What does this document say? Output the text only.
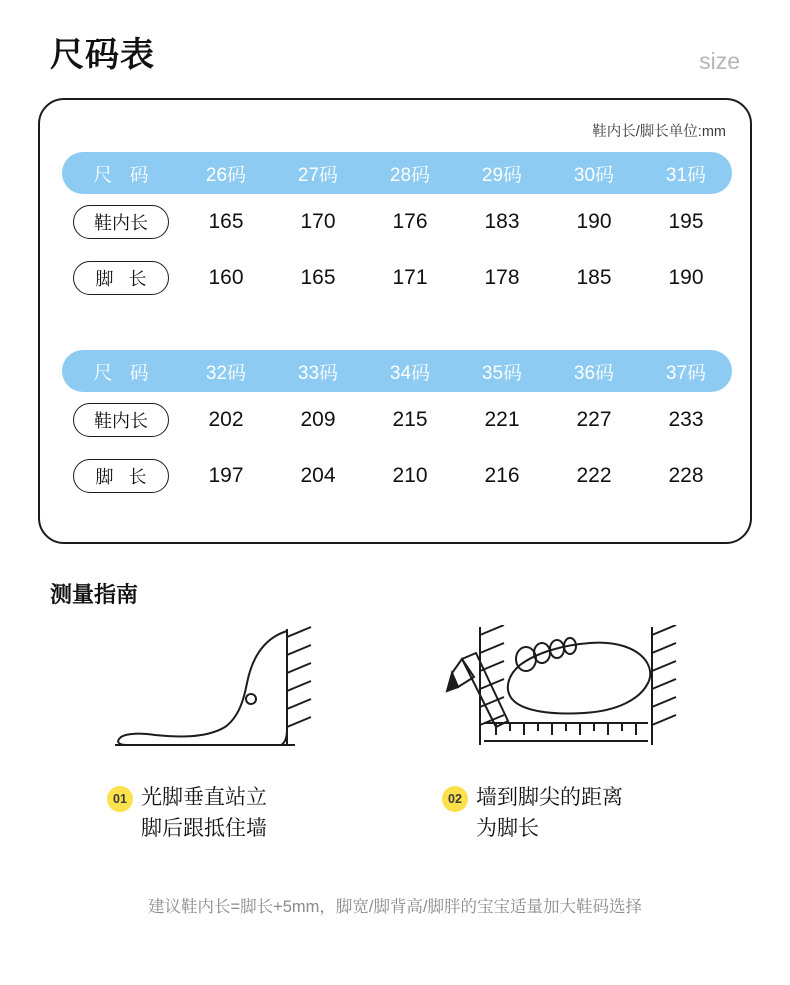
尺码表	size
鞋内长/脚长单位:mm
尺 码	26码	27码	28码	29码	30码	31码
鞋内长	165	170	176	183	190	195
脚 长	160	165	171	178	185	190
尺 码	32码	33码	34码	35码	36码	37码
鞋内长	202	209	215	221	227	233
脚 长	197	204	210	216	222	228
测量指南
01 光脚垂直站立
脚后跟抵住墙
02 墙到脚尖的距离
为脚长
建议鞋内长=脚长+5mm，脚宽/脚背高/脚胖的宝宝适量加大鞋码选择
